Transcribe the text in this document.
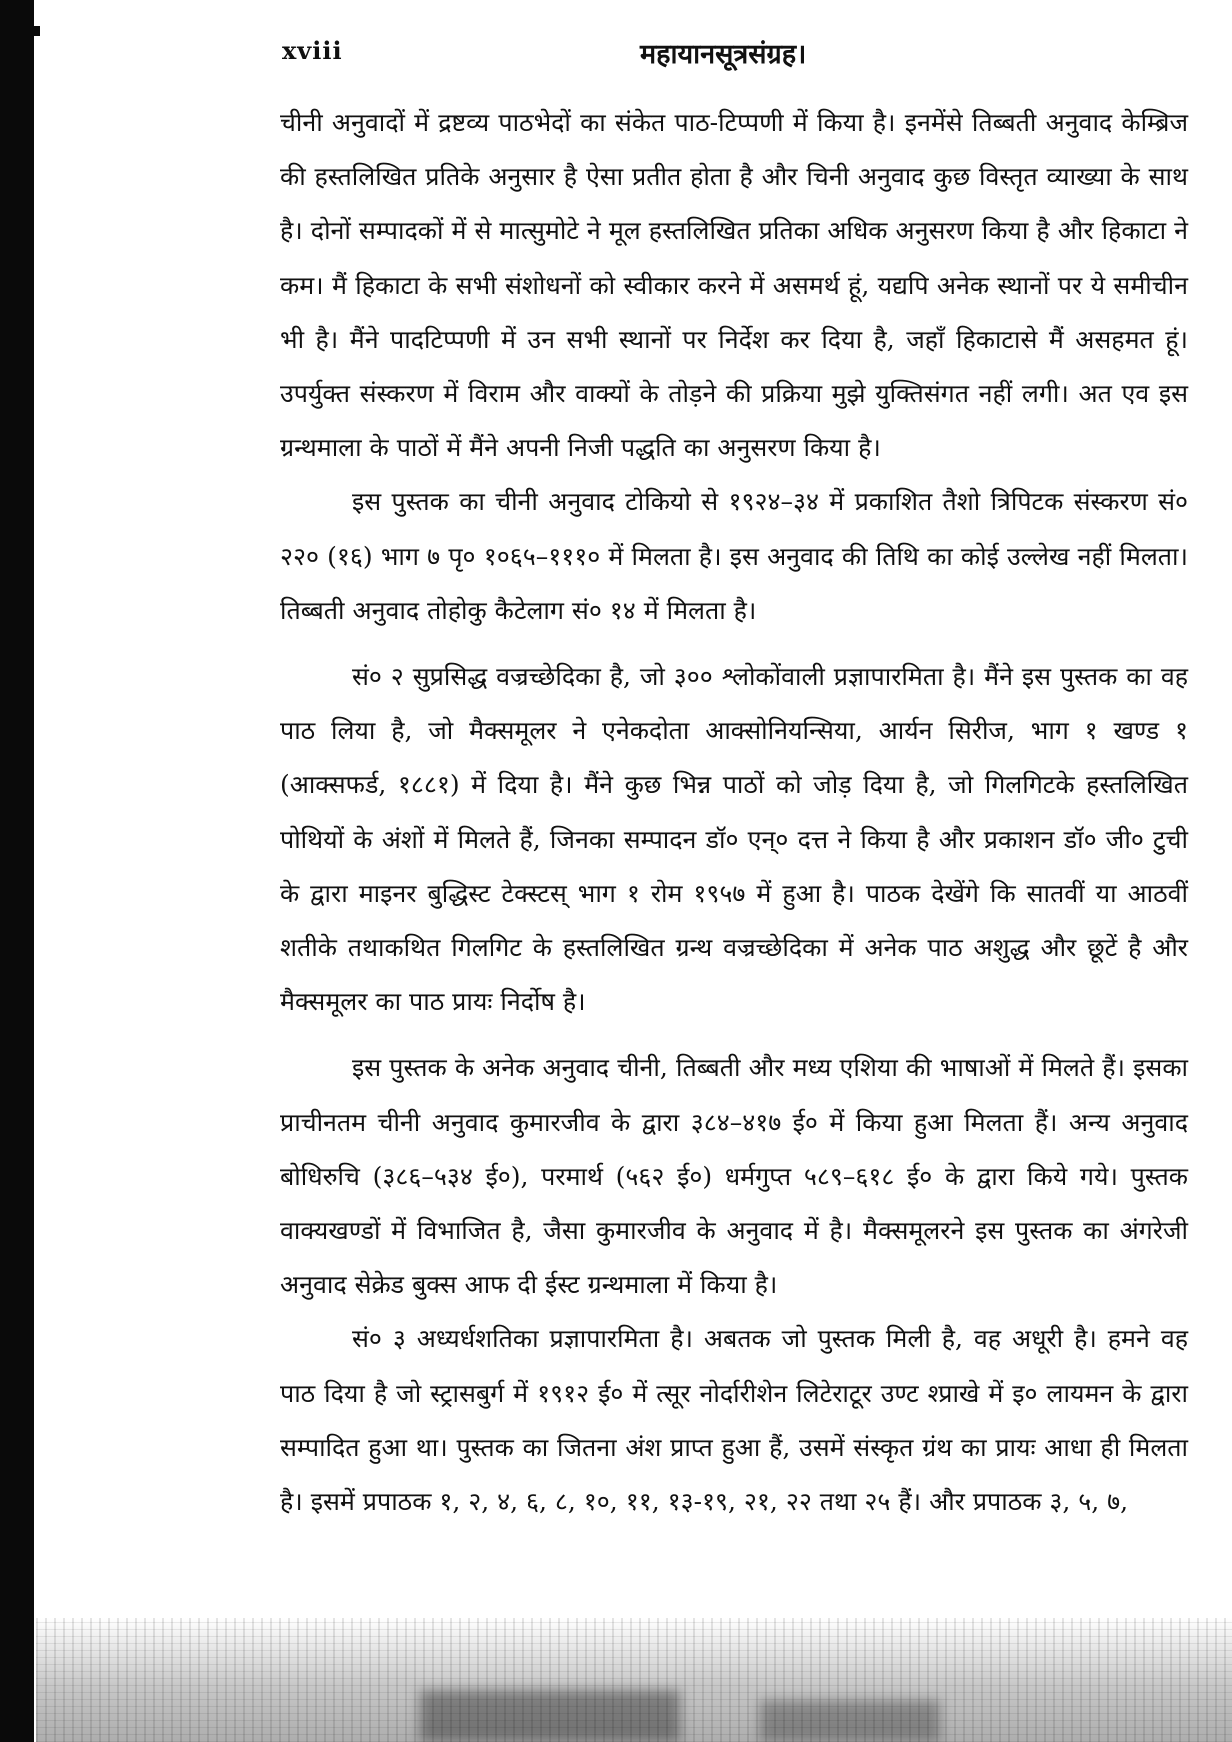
xviii	महायानसूत्रसंग्रह।

चीनी अनुवादों में द्रष्टव्य पाठभेदों का संकेत पाठ-टिप्पणी में किया है। इनमेंसे तिब्बती अनुवाद केम्ब्रिज की हस्तलिखित प्रतिके अनुसार है ऐसा प्रतीत होता है और चिनी अनुवाद कुछ विस्तृत व्याख्या के साथ है। दोनों सम्पादकों में से मात्सुमोटे ने मूल हस्तलिखित प्रतिका अधिक अनुसरण किया है और हिकाटा ने कम। मैं हिकाटा के सभी संशोधनों को स्वीकार करने में असमर्थ हूं, यद्यपि अनेक स्थानों पर ये समीचीन भी है। मैंने पादटिप्पणी में उन सभी स्थानों पर निर्देश कर दिया है, जहाँ हिकाटासे मैं असहमत हूं। उपर्युक्त संस्करण में विराम और वाक्यों के तोड़ने की प्रक्रिया मुझे युक्तिसंगत नहीं लगी। अत एव इस ग्रन्थमाला के पाठों में मैंने अपनी निजी पद्धति का अनुसरण किया है।

इस पुस्तक का चीनी अनुवाद टोकियो से १९२४–३४ में प्रकाशित तैशो त्रिपिटक संस्करण सं० २२० (१६) भाग ७ पृ० १०६५–१११० में मिलता है। इस अनुवाद की तिथि का कोई उल्लेख नहीं मिलता। तिब्बती अनुवाद तोहोकु कैटेलाग सं० १४ में मिलता है।

सं० २ सुप्रसिद्ध वज्रच्छेदिका है, जो ३०० श्लोकोंवाली प्रज्ञापारमिता है। मैंने इस पुस्तक का वह पाठ लिया है, जो मैक्समूलर ने एनेकदोता आक्सोनियन्सिया, आर्यन सिरीज, भाग १ खण्ड १ (आक्सफर्ड, १८८१) में दिया है। मैंने कुछ भिन्न पाठों को जोड़ दिया है, जो गिलगिटके हस्तलिखित पोथियों के अंशों में मिलते हैं, जिनका सम्पादन डॉ० एन्० दत्त ने किया है और प्रकाशन डॉ० जी० टुची के द्वारा माइनर बुद्धिस्ट टेक्स्टस् भाग १ रोम १९५७ में हुआ है। पाठक देखेंगे कि सातवीं या आठवीं शतीके तथाकथित गिलगिट के हस्तलिखित ग्रन्थ वज्रच्छेदिका में अनेक पाठ अशुद्ध और छूटें है और मैक्समूलर का पाठ प्रायः निर्दोष है।

इस पुस्तक के अनेक अनुवाद चीनी, तिब्बती और मध्य एशिया की भाषाओं में मिलते हैं। इसका प्राचीनतम चीनी अनुवाद कुमारजीव के द्वारा ३८४–४१७ ई० में किया हुआ मिलता हैं। अन्य अनुवाद बोधिरुचि (३८६–५३४ ई०), परमार्थ (५६२ ई०) धर्मगुप्त ५८९–६१८ ई० के द्वारा किये गये। पुस्तक वाक्यखण्डों में विभाजित है, जैसा कुमारजीव के अनुवाद में है। मैक्समूलरने इस पुस्तक का अंगरेजी अनुवाद सेक्रेड बुक्स आफ दी ईस्ट ग्रन्थमाला में किया है।

सं० ३ अध्यर्धशतिका प्रज्ञापारमिता है। अबतक जो पुस्तक मिली है, वह अधूरी है। हमने वह पाठ दिया है जो स्ट्रासबुर्ग में १९१२ ई० में त्सूर नोर्दारीशेन लिटेराटूर उण्ट श्प्राखे में इ० लायमन के द्वारा सम्पादित हुआ था। पुस्तक का जितना अंश प्राप्त हुआ हैं, उसमें संस्कृत ग्रंथ का प्रायः आधा ही मिलता है। इसमें प्रपाठक १, २, ४, ६, ८, १०, ११, १३-१९, २१, २२ तथा २५ हैं। और प्रपाठक ३, ५, ७,
